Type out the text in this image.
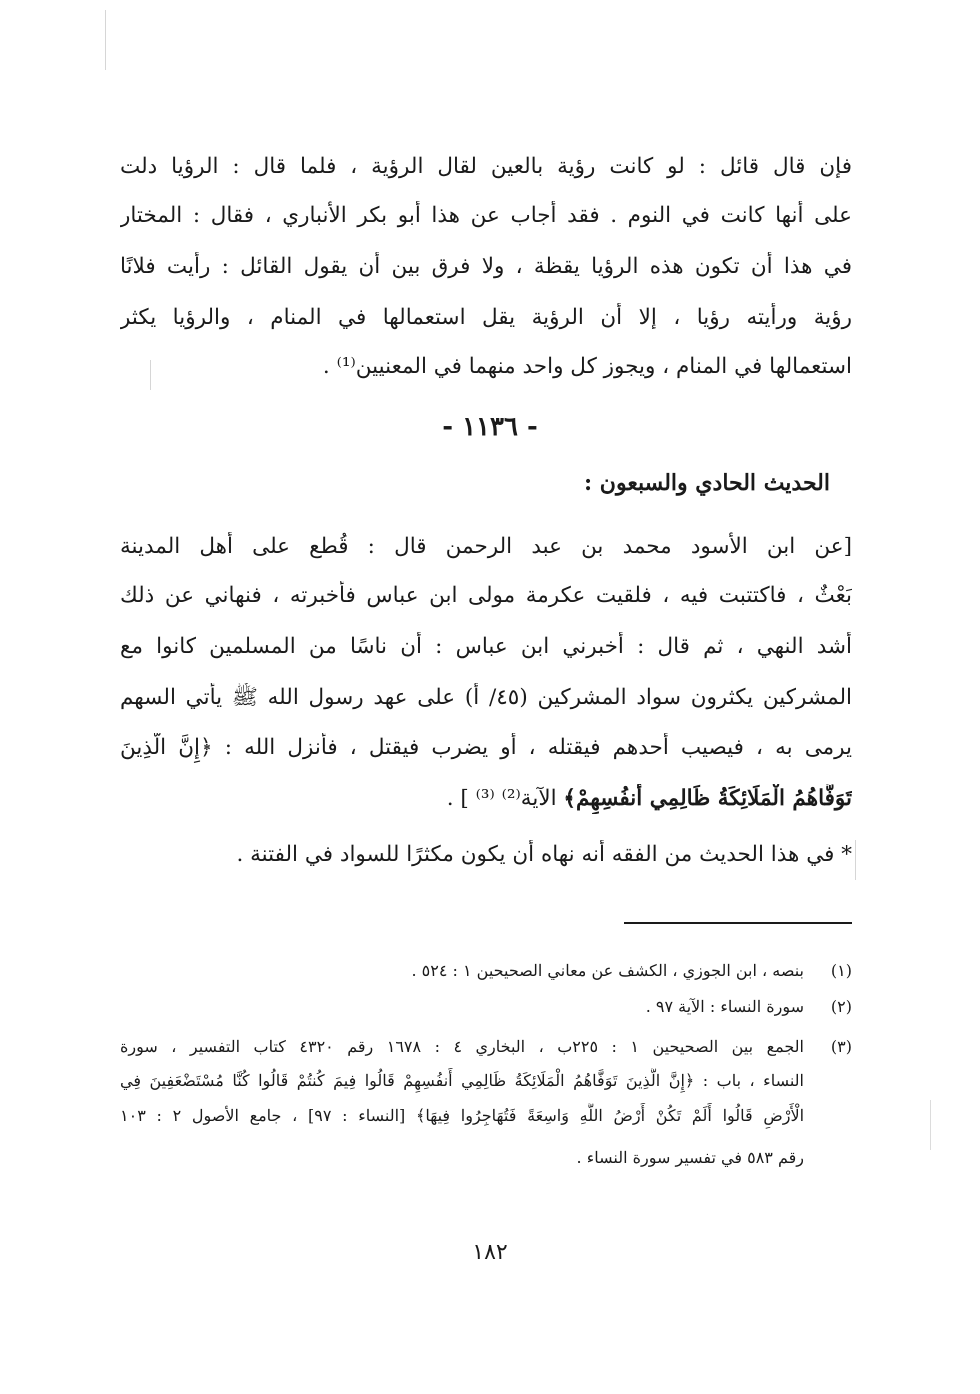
فإن قال قائل : لو كانت رؤية بالعين لقال الرؤية ، فلما قال : الرؤيا دلت
على أنها كانت في النوم . فقد أجاب عن هذا أبو بكر الأنباري ، فقال : المختار
في هذا أن تكون هذه الرؤيا يقظة ، ولا فرق بين أن يقول القائل : رأيت فلانًا
رؤية ورأيته رؤيا ، إلا أن الرؤية يقل استعمالها في المنام ، والرؤيا يكثر
استعمالها في المنام ، ويجوز كل واحد منهما في المعنيين⁽¹⁾ .
- ١١٣٦ -
الحديث الحادي والسبعون :
[عن ابن الأسود محمد بن عبد الرحمن قال : قُطع على أهل المدينة
بَعْثٌ ، فاكتتبت فيه ، فلقيت عكرمة مولى ابن عباس فأخبرته ، فنهاني عن ذلك
أشد النهي ، ثم قال : أخبرني ابن عباس : أن ناسًا من المسلمين كانوا مع
المشركين يكثرون سواد المشركين (٤٥/ أ) على عهد رسول الله ﷺ يأتي السهم
يرمى به ، فيصيب أحدهم فيقتله ، أو يضرب فيقتل ، فأنزل الله : ﴿إِنَّ الَّذِينَ
تَوَفَّاهُمُ الْمَلَائِكَةُ ظَالِمِي أَنفُسِهِمْ﴾ الآية⁽²⁾ ⁽³⁾ ] .
* في هذا الحديث من الفقه أنه نهاه أن يكون مكثرًا للسواد في الفتنة .
(١)بنصه ، ابن الجوزي ، الكشف عن معاني الصحيحين ١ : ٥٢٤ .
(٢)سورة النساء : الآية ٩٧ .
(٣)
الجمع بين الصحيحين ١ : ٢٢٥ب ، البخاري ٤ : ١٦٧٨ رقم ٤٣٢٠ كتاب التفسير ، سورة
النساء ، باب : ﴿إِنَّ الَّذِينَ تَوَفَّاهُمُ الْمَلَائِكَةُ ظَالِمِي أَنفُسِهِمْ قَالُوا فِيمَ كُنتُمْ قَالُوا كُنَّا مُسْتَضْعَفِينَ فِي
الْأَرْضِ قَالُوا أَلَمْ تَكُنْ أَرْضُ اللَّهِ وَاسِعَةً فَتُهَاجِرُوا فِيهَا﴾ [النساء : ٩٧] ، جامع الأصول ٢ : ١٠٣
رقم ٥٨٣ في تفسير سورة النساء .
١٨٢
